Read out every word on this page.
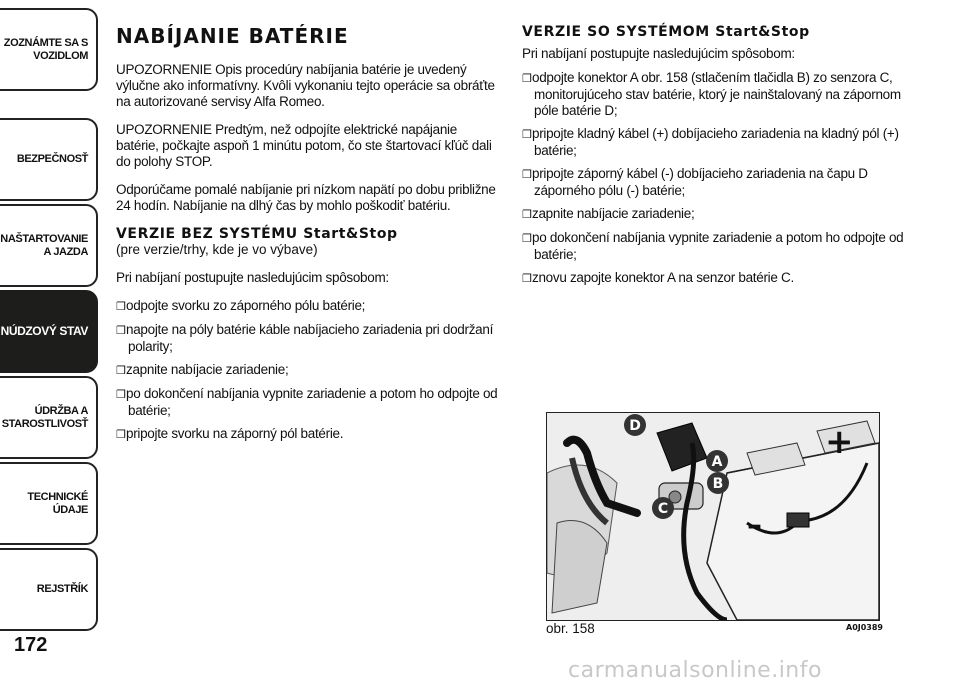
ZOZNÁMTE SA S VOZIDLOM
BEZPEČNOSŤ
NAŠTARTOVANIE A JAZDA
NÚDZOVÝ STAV
ÚDRŽBA A STAROSTLIVOSŤ
TECHNICKÉ ÚDAJE
REJSTŘÍK
172
NABÍJANIE BATÉRIE

UPOZORNENIE Opis procedúry nabíjania batérie je uvedený výlučne ako informatívny. Kvôli vykonaniu tejto operácie sa obráťte na autorizované servisy Alfa Romeo.

UPOZORNENIE Predtým, než odpojíte elektrické napájanie batérie, počkajte aspoň 1 minútu potom, čo ste štartovací kľúč dali do polohy STOP.

Odporúčame pomalé nabíjanie pri nízkom napätí po dobu približne 24 hodín. Nabíjanie na dlhý čas by mohlo poškodiť batériu.

VERZIE BEZ SYSTÉMU Start&Stop
(pre verzie/trhy, kde je vo výbave)

Pri nabíjaní postupujte nasledujúcim spôsobom:

❒odpojte svorku zo záporného pólu batérie;
❒napojte na póly batérie káble nabíjacieho zariadenia pri dodržaní polarity;
❒zapnite nabíjacie zariadenie;
❒po dokončení nabíjania vypnite zariadenie a potom ho odpojte od batérie;
❒pripojte svorku na záporný pól batérie.
VERZIE SO SYSTÉMOM Start&Stop

Pri nabíjaní postupujte nasledujúcim spôsobom:

❒odpojte konektor A obr. 158 (stlačením tlačidla B) zo senzora C, monitorujúceho stav batérie, ktorý je nainštalovaný na zápornom póle batérie D;
❒pripojte kladný kábel (+) dobíjacieho zariadenia na kladný pól (+) batérie;
❒pripojte záporný kábel (-) dobíjacieho zariadenia na čapu D záporného pólu (-) batérie;
❒zapnite nabíjacie zariadenie;
❒po dokončení nabíjania vypnite zariadenie a potom ho odpojte od batérie;
❒znovu zapojte konektor A na senzor batérie C.
+
–
D
A
B
C
obr. 158	A0J0389
carmanualsonline.info
